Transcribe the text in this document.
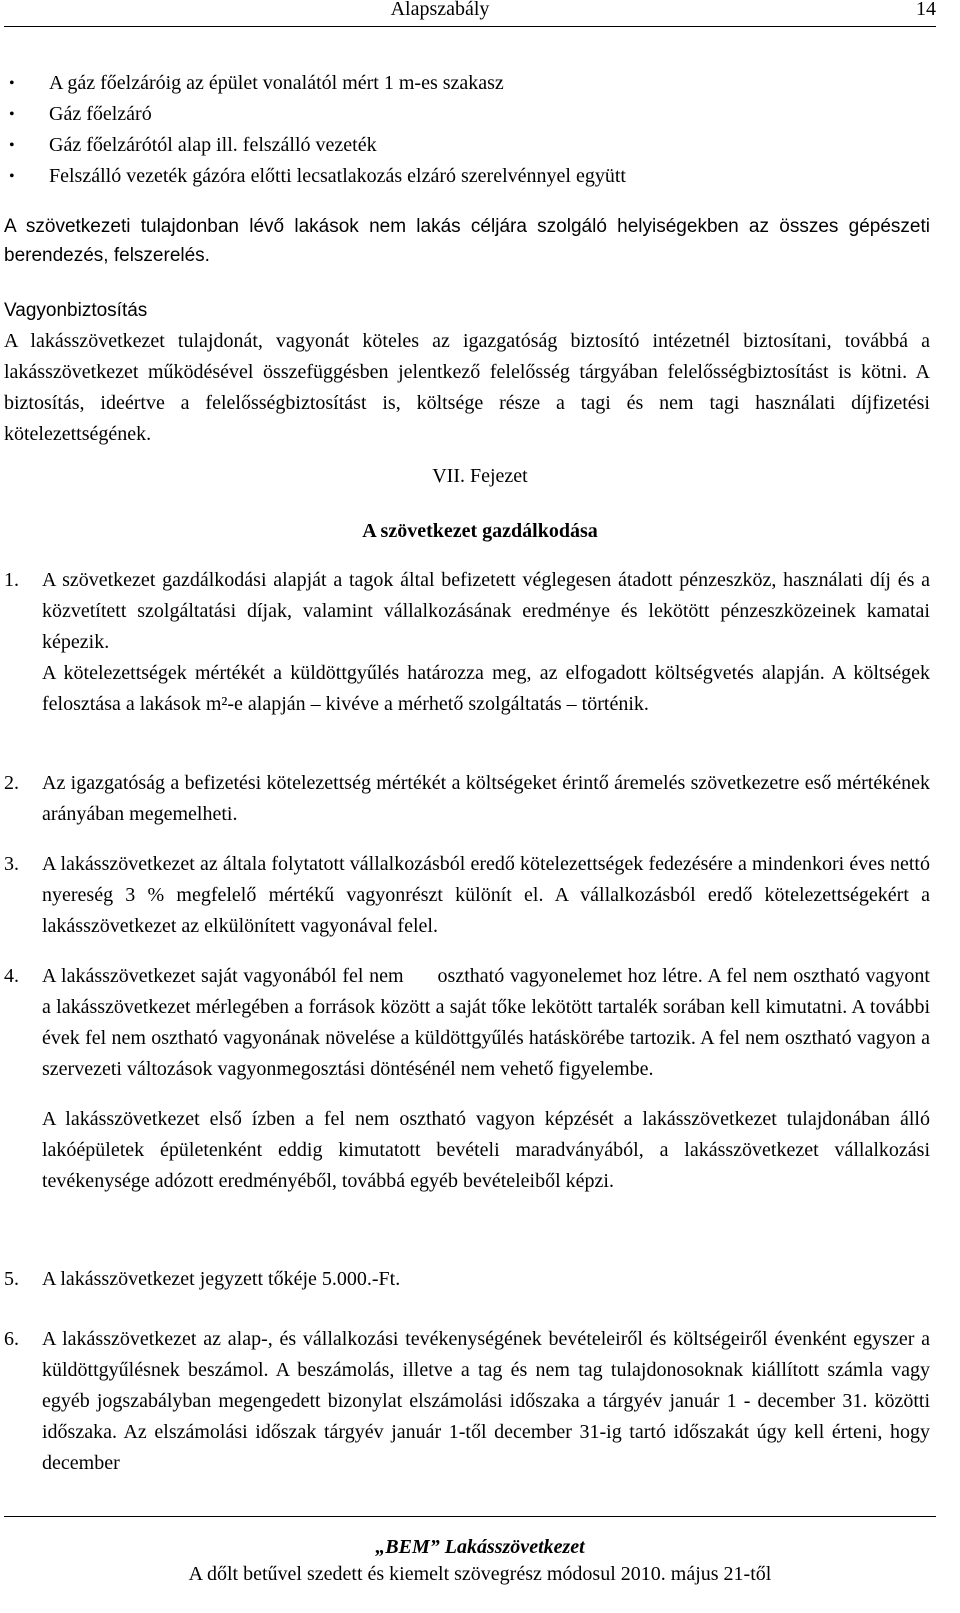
Alapszabály	14
• A gáz főelzáróig az épület vonalától mért 1 m-es szakasz
• Gáz főelzáró
• Gáz főelzárótól alap ill. felszálló vezeték
• Felszálló vezeték gázóra előtti lecsatlakozás elzáró szerelvénnyel együtt

A szövetkezeti tulajdonban lévő lakások nem lakás céljára szolgáló helyiségekben az összes gépészeti berendezés, felszerelés.

Vagyonbiztosítás

A lakásszövetkezet tulajdonát, vagyonát köteles az igazgatóság biztosító intézetnél biztosítani, továbbá a lakásszövetkezet működésével összefüggésben jelentkező felelősség tárgyában felelősségbiztosítást is kötni. A biztosítás, ideértve a felelősségbiztosítást is, költsége része a tagi és nem tagi használati díjfizetési kötelezettségének.

VII. Fejezet
A szövetkezet gazdálkodása
1. A szövetkezet gazdálkodási alapját a tagok által befizetett véglegesen átadott pénzeszköz, használati díj és a közvetített szolgáltatási díjak, valamint vállalkozásának eredménye és lekötött pénzeszközeinek kamatai képezik.

A kötelezettségek mértékét a küldöttgyűlés határozza meg, az elfogadott költségvetés alapján. A költségek felosztása a lakások m²-e alapján – kivéve a mérhető szolgáltatás – történik.

2. Az igazgatóság a befizetési kötelezettség mértékét a költségeket érintő áremelés szövetkezetre eső mértékének arányában megemelheti.

3. A lakásszövetkezet az általa folytatott vállalkozásból eredő kötelezettségek fedezésére a mindenkori éves nettó nyereség 3 % megfelelő mértékű vagyonrészt különít el. A vállalkozásból eredő kötelezettségekért a lakásszövetkezet az elkülönített vagyonával felel.

4. A lakásszövetkezet saját vagyonából fel nem      osztható vagyonelemet hoz létre. A fel nem osztható vagyont a lakásszövetkezet mérlegében a források között a saját tőke lekötött tartalék sorában kell kimutatni. A további évek fel nem osztható vagyonának növelése a küldöttgyűlés hatáskörébe tartozik. A fel nem osztható vagyon a szervezeti változások vagyonmegosztási döntésénél nem vehető figyelembe.

A lakásszövetkezet első ízben a fel nem osztható vagyon képzését a lakásszövetkezet tulajdonában álló lakóépületek épületenként eddig kimutatott bevételi maradványából, a lakásszövetkezet vállalkozási tevékenysége adózott eredményéből, továbbá egyéb bevételeiből képzi.

5. A lakásszövetkezet jegyzett tőkéje 5.000.-Ft.

6. A lakásszövetkezet az alap-, és vállalkozási tevékenységének bevételeiről és költségeiről évenként egyszer a küldöttgyűlésnek beszámol. A beszámolás, illetve a tag és nem tag tulajdonosoknak kiállított számla vagy egyéb jogszabályban megengedett bizonylat elszámolási időszaka a tárgyév január 1 - december 31. közötti időszaka. Az elszámolási időszak tárgyév január 1-től december 31-ig tartó időszakát úgy kell érteni, hogy december

„BEM” Lakásszövetkezet
A dőlt betűvel szedett és kiemelt szövegrész módosul 2010. május 21-től
